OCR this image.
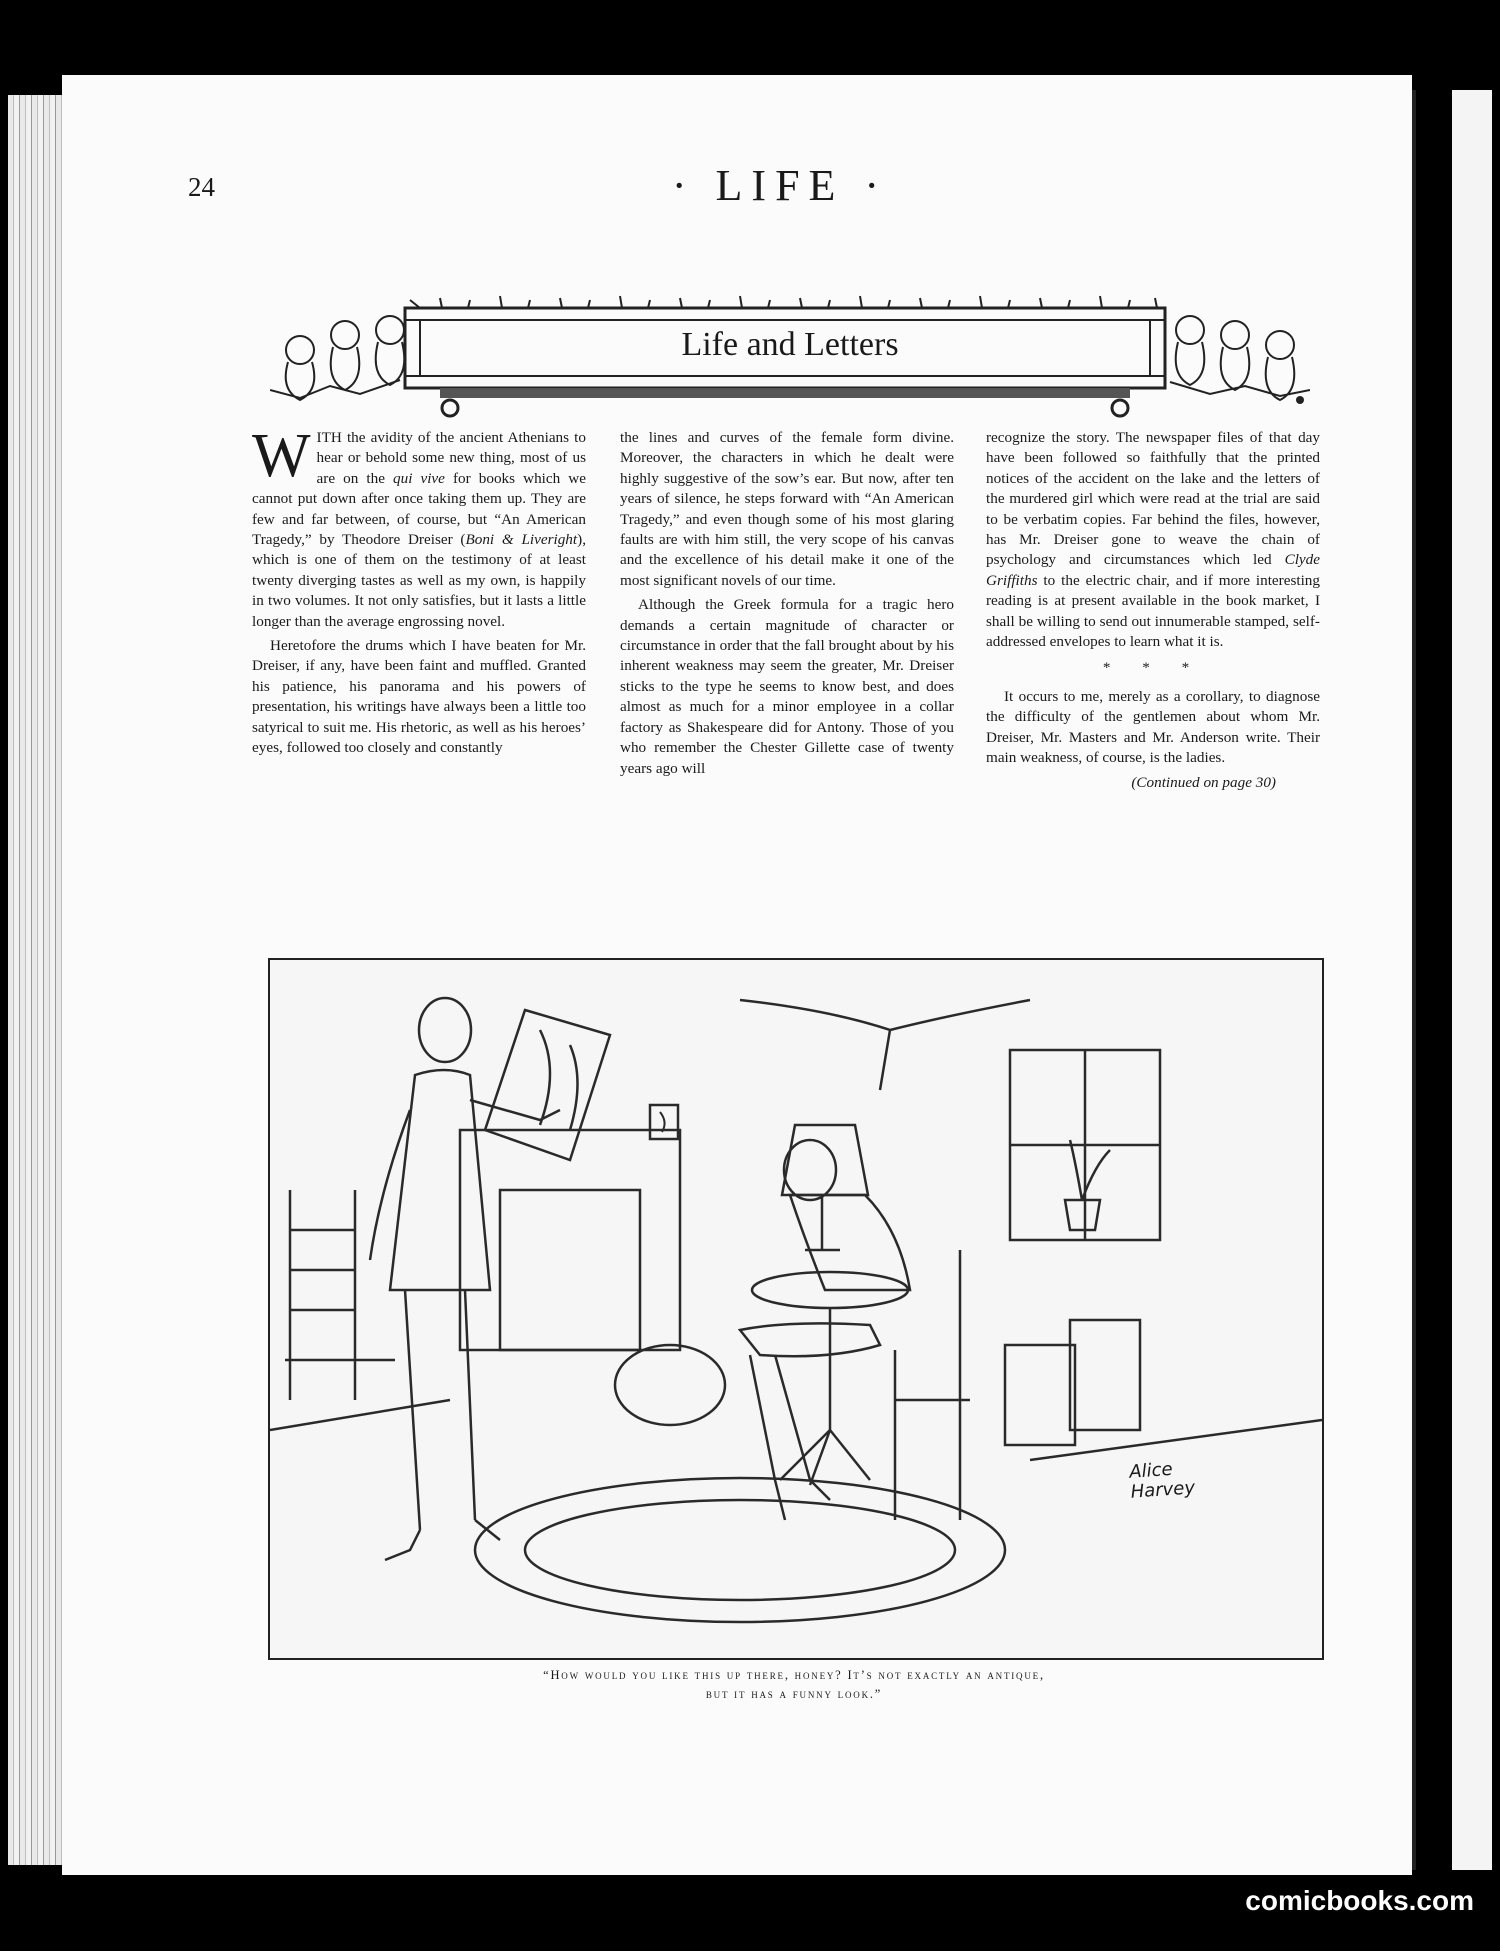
24	· LIFE ·
Life and Letters

WITH the avidity of the ancient Athenians to hear or behold some new thing, most of us are on the qui vive for books which we cannot put down after once taking them up. They are few and far between, of course, but “An American Tragedy,” by Theodore Dreiser (Boni & Liveright), which is one of them on the testimony of at least twenty diverging tastes as well as my own, is happily in two volumes. It not only satisfies, but it lasts a little longer than the average engrossing novel.

Heretofore the drums which I have beaten for Mr. Dreiser, if any, have been faint and muffled. Granted his patience, his panorama and his powers of presentation, his writings have always been a little too satyrical to suit me. His rhetoric, as well as his heroes’ eyes, followed too closely and constantly

the lines and curves of the female form divine. Moreover, the characters in which he dealt were highly suggestive of the sow’s ear. But now, after ten years of silence, he steps forward with “An American Tragedy,” and even though some of his most glaring faults are with him still, the very scope of his canvas and the excellence of his detail make it one of the most significant novels of our time.

Although the Greek formula for a tragic hero demands a certain magnitude of character or circumstance in order that the fall brought about by his inherent weakness may seem the greater, Mr. Dreiser sticks to the type he seems to know best, and does almost as much for a minor employee in a collar factory as Shakespeare did for Antony. Those of you who remember the Chester Gillette case of twenty years ago will

recognize the story. The newspaper files of that day have been followed so faithfully that the printed notices of the accident on the lake and the letters of the murdered girl which were read at the trial are said to be verbatim copies. Far behind the files, however, has Mr. Dreiser gone to weave the chain of psychology and circumstances which led Clyde Griffiths to the electric chair, and if more interesting reading is at present available in the book market, I shall be willing to send out innumerable stamped, self-addressed envelopes to learn what it is.

* * *

It occurs to me, merely as a corollary, to diagnose the difficulty of the gentlemen about whom Mr. Dreiser, Mr. Masters and Mr. Anderson write. Their main weakness, of course, is the ladies.

(Continued on page 30)
Alice Harvey
“How would you like this up there, honey? It’s not exactly an antique,
but it has a funny look.”
comicbooks.com
